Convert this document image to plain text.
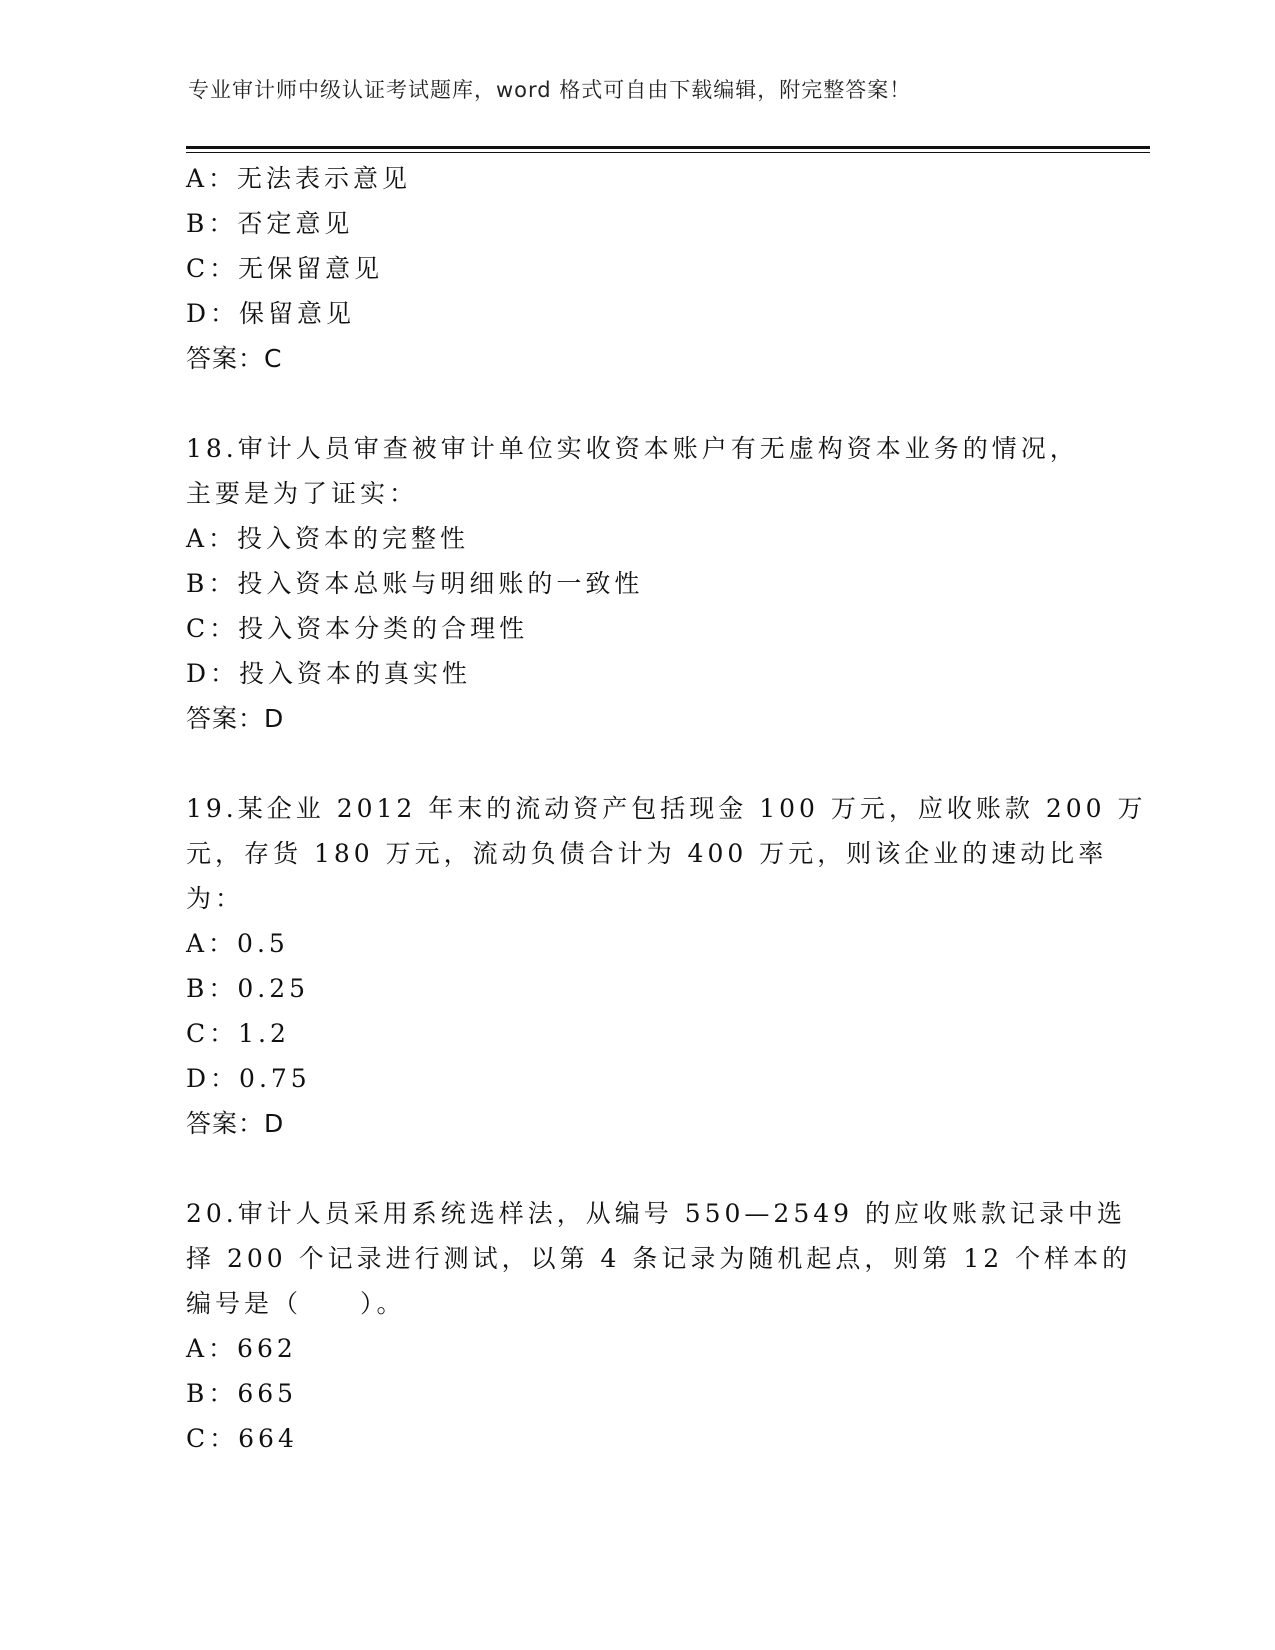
专业审计师中级认证考试题库，word 格式可自由下载编辑，附完整答案！
A：无法表示意见
B：否定意见
C：无保留意见
D：保留意见
答案：C
18.审计人员审查被审计单位实收资本账户有无虚构资本业务的情况，
主要是为了证实：
A：投入资本的完整性
B：投入资本总账与明细账的一致性
C：投入资本分类的合理性
D：投入资本的真实性
答案：D
19.某企业 2012 年末的流动资产包括现金 100 万元，应收账款 200 万
元，存货 180 万元，流动负债合计为 400 万元，则该企业的速动比率
为：
A：0.5
B：0.25
C：1.2
D：0.75
答案：D
20.审计人员采用系统选样法，从编号 550—2549 的应收账款记录中选
择 200 个记录进行测试，以第 4 条记录为随机起点，则第 12 个样本的
编号是（　　）。
A：662
B：665
C：664
